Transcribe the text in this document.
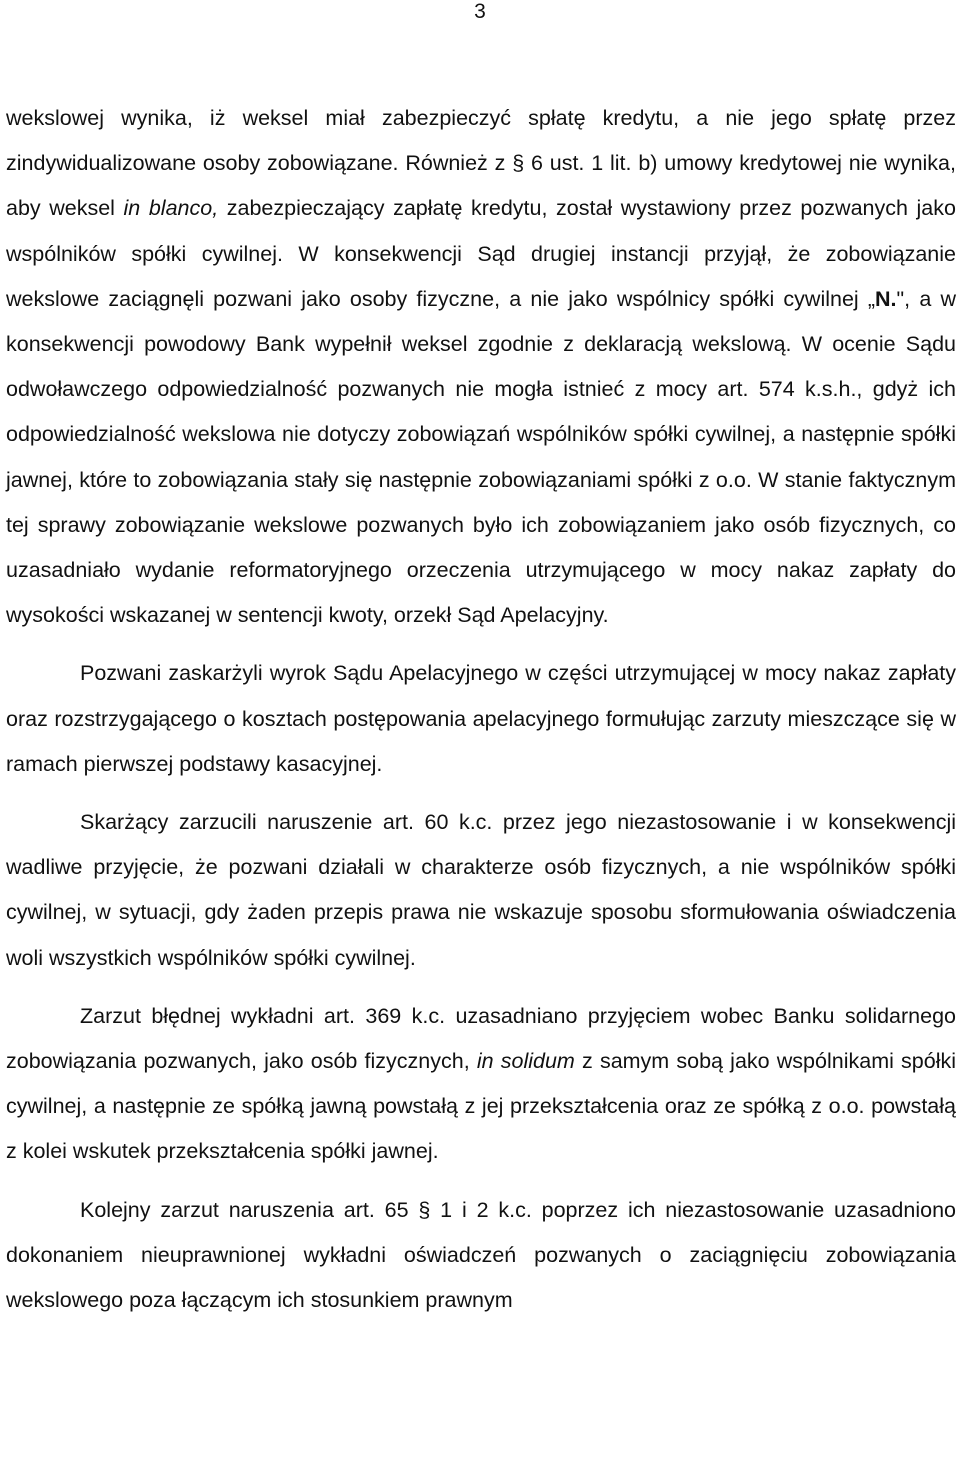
3

wekslowej wynika, iż weksel miał zabezpieczyć spłatę kredytu, a nie jego spłatę przez zindywidualizowane osoby zobowiązane. Również z § 6 ust. 1 lit. b) umowy kredytowej nie wynika, aby weksel in blanco, zabezpieczający zapłatę kredytu, został wystawiony przez pozwanych jako wspólników spółki cywilnej. W konsekwencji Sąd drugiej instancji przyjął, że zobowiązanie wekslowe zaciągnęli pozwani jako osoby fizyczne, a nie jako wspólnicy spółki cywilnej „N.", a w konsekwencji powodowy Bank wypełnił weksel zgodnie z deklaracją wekslową. W ocenie Sądu odwoławczego odpowiedzialność pozwanych nie mogła istnieć z mocy art. 574 k.s.h., gdyż ich odpowiedzialność wekslowa nie dotyczy zobowiązań wspólników spółki cywilnej, a następnie spółki jawnej, które to zobowiązania stały się następnie zobowiązaniami spółki z o.o. W stanie faktycznym tej sprawy zobowiązanie wekslowe pozwanych było ich zobowiązaniem jako osób fizycznych, co uzasadniało wydanie reformatoryjnego orzeczenia utrzymującego w mocy nakaz zapłaty do wysokości wskazanej w sentencji kwoty, orzekł Sąd Apelacyjny.

Pozwani zaskarżyli wyrok Sądu Apelacyjnego w części utrzymującej w mocy nakaz zapłaty oraz rozstrzygającego o kosztach postępowania apelacyjnego formułując zarzuty mieszczące się w ramach pierwszej podstawy kasacyjnej.

Skarżący zarzucili naruszenie art. 60 k.c. przez jego niezastosowanie i w konsekwencji wadliwe przyjęcie, że pozwani działali w charakterze osób fizycznych, a nie wspólników spółki cywilnej, w sytuacji, gdy żaden przepis prawa nie wskazuje sposobu sformułowania oświadczenia woli wszystkich wspólników spółki cywilnej.

Zarzut błędnej wykładni art. 369 k.c. uzasadniano przyjęciem wobec Banku solidarnego zobowiązania pozwanych, jako osób fizycznych, in solidum z samym sobą jako wspólnikami spółki cywilnej, a następnie ze spółką jawną powstałą z jej przekształcenia oraz ze spółką z o.o. powstałą z kolei wskutek przekształcenia spółki jawnej.

Kolejny zarzut naruszenia art. 65 § 1 i 2 k.c. poprzez ich niezastosowanie uzasadniono dokonaniem nieuprawnionej wykładni oświadczeń pozwanych o zaciągnięciu zobowiązania wekslowego poza łączącym ich stosunkiem prawnym
